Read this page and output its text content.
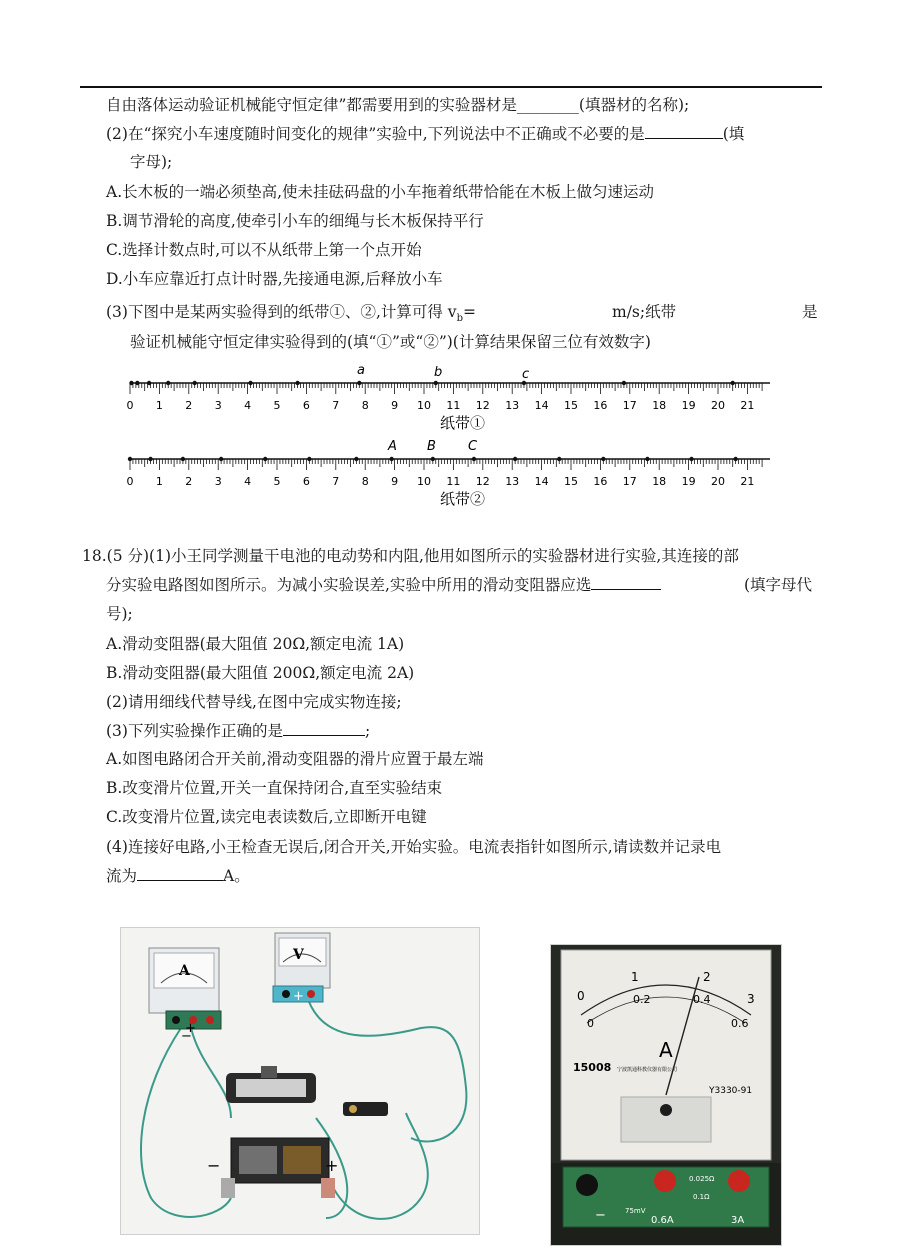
自由落体运动验证机械能守恒定律”都需要用到的实验器材是________(填器材的名称);
(2)在“探究小车速度随时间变化的规律”实验中,下列说法中不正确或不必要的是	(填
字母);
A.长木板的一端必须垫高,使未挂砝码盘的小车拖着纸带恰能在木板上做匀速运动
B.调节滑轮的高度,使牵引小车的细绳与长木板保持平行
C.选择计数点时,可以不从纸带上第一个点开始
D.小车应靠近打点计时器,先接通电源,后释放小车
(3)下图中是某两实验得到的纸带①、②,计算可得 $v_b=$	m/s;纸带	是
验证机械能守恒定律实验得到的(填“①”或“②”)(计算结果保留三位有效数字)
0 1 2 3 4 5 6 7 8 9 10 11 12 13 14 15 16 17 18 19 20 21
a	b	c
纸带①
0 1 2 3 4 5 6 7 8 9 10 11 12 13 14 15 16 17 18 19 20 21
A B C
纸带②
18.(5 分)(1)小王同学测量干电池的电动势和内阻,他用如图所示的实验器材进行实验,其连接的部
分实验电路图如图所示。为减小实验误差,实验中所用的滑动变阻器应选	(填字母代
号);
A.滑动变阻器(最大阻值 20Ω,额定电流 1A)
B.滑动变阻器(最大阻值 200Ω,额定电流 2A)
(2)请用细线代替导线,在图中完成实物连接;
(3)下列实验操作正确的是	;
A.如图电路闭合开关前,滑动变阻器的滑片应置于最左端
B.改变滑片位置,开关一直保持闭合,直至实验结束
C.改变滑片位置,读完电表读数后,立即断开电键
(4)连接好电路,小王检查无误后,闭合开关,开始实验。电流表指针如图所示,请读数并记录电
流为	A。
A
V
−	+
−
+
+	0
1	2
3
0
0.2	0.4
0.6
A
15008 宁波凯通科教仪器有限公司
Y3330-91
−	0.6A	3A
0.025Ω
0.1Ω
75mV
